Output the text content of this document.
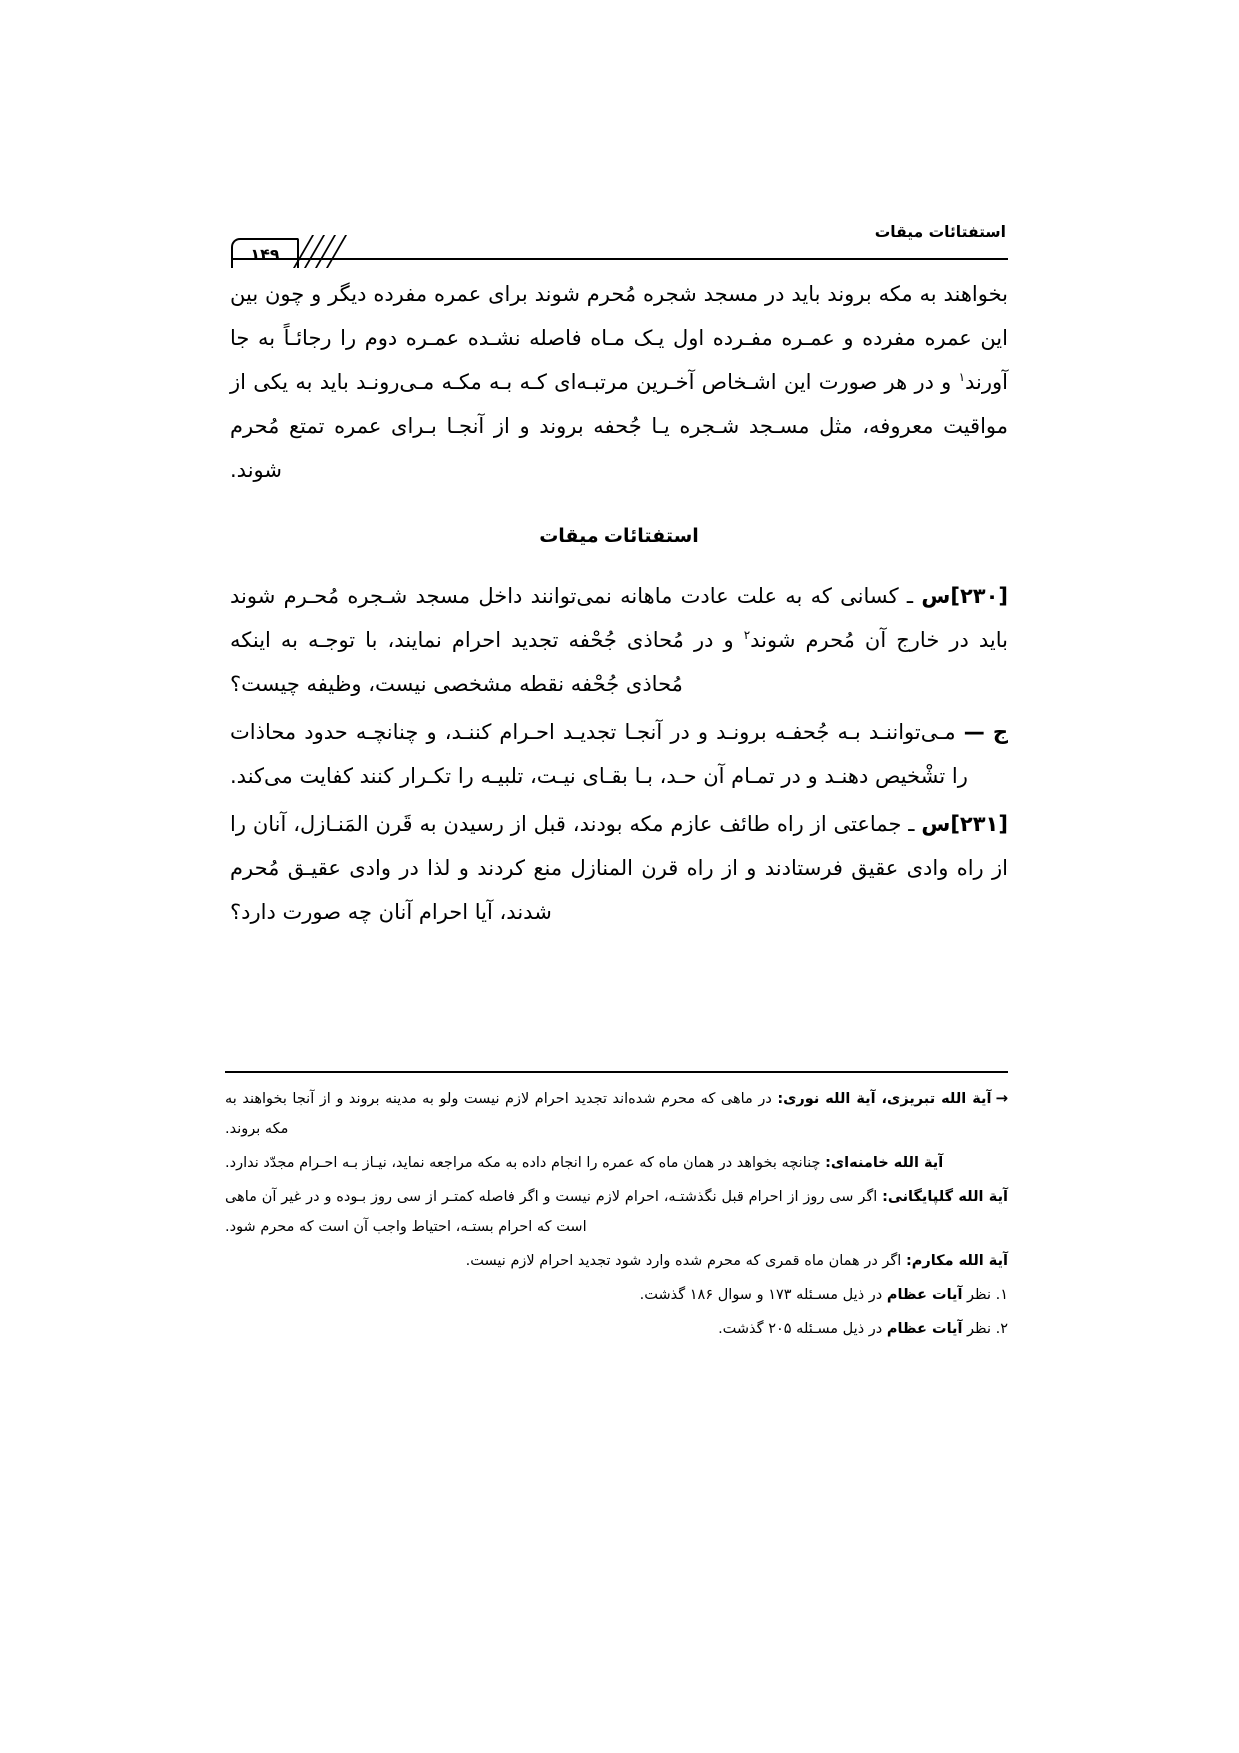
استفتائات میقات
۱۴۹

بخواهند به مکه بروند باید در مسجد شجره مُحرم شوند برای عمره مفرده دیگر و چون بین این عمره مفرده و عمـره مفـرده اول یـک مـاه فاصله نشـده عمـره دوم را رجائـاً به جا آورند$^۱$ و در هر صورت این اشـخاص آخـرین مرتبـه‌ای کـه بـه مکـه مـی‌رونـد باید به یکی از مواقیت معروفه، مثل مسـجد شـجره یـا جُحفه بروند و از آنجـا بـرای عمره تمتع مُحرم شوند.

استفتائات میقات

[۲۳۰]س ـ کسانی که به علت عادت ماهانه نمی‌توانند داخل مسجد شـجره مُحـرم شوند باید در خارج آن مُحرم شوند$^۲$ و در مُحاذی جُحْفه تجدید احرام نمایند، با توجـه به اینکه مُحاذی جُحْفه نقطه مشخصی نیست، وظیفه چیست؟

ج — مـی‌تواننـد بـه جُحفـه برونـد و در آنجـا تجدیـد احـرام کننـد، و چنانچـه حدود محاذات را تشْخیص دهنـد و در تمـام آن حـد، بـا بقـای نیـت، تلبیـه را تکـرار کنند کفایت می‌کند.

[۲۳۱]س ـ جماعتی از راه طائف عازم مکه بودند، قبل از رسیدن به قَرن المَنـازل، آنان را از راه وادی عقیق فرستادند و از راه قرن المنازل منع کردند و لذا در وادی عقیـق مُحرم شدند، آیا احرام آنان چه صورت دارد؟

→آیة الله تبریزی، آیة الله نوری: در ماهی که محرم شده‌اند تجدید احرام لازم نیست ولو به مدینه بروند و از آنجا بخواهند به مکه بروند.

آیة الله خامنه‌ای: چنانچه بخواهد در همان ماه که عمره را انجام داده به مکه مراجعه نماید، نیـاز بـه احـرام مجدّد ندارد.

آیة الله گلپایگانی: اگر سی روز از احرام قبل نگذشتـه، احرام لازم نیست و اگر فاصله کمتـر از سی روز بـوده و در غیر آن ماهی است که احرام بستـه، احتیاط واجب آن است که محرم شود.

آیة الله مکارم: اگر در همان ماه قمری که محرم شده وارد شود تجدید احرام لازم نیست.

۱. نظر آیات عظام در ذیل مسـئله ۱۷۳ و سوال ۱۸۶ گذشت.

۲. نظر آیات عظام در ذیل مسـئله ۲۰۵ گذشت.
